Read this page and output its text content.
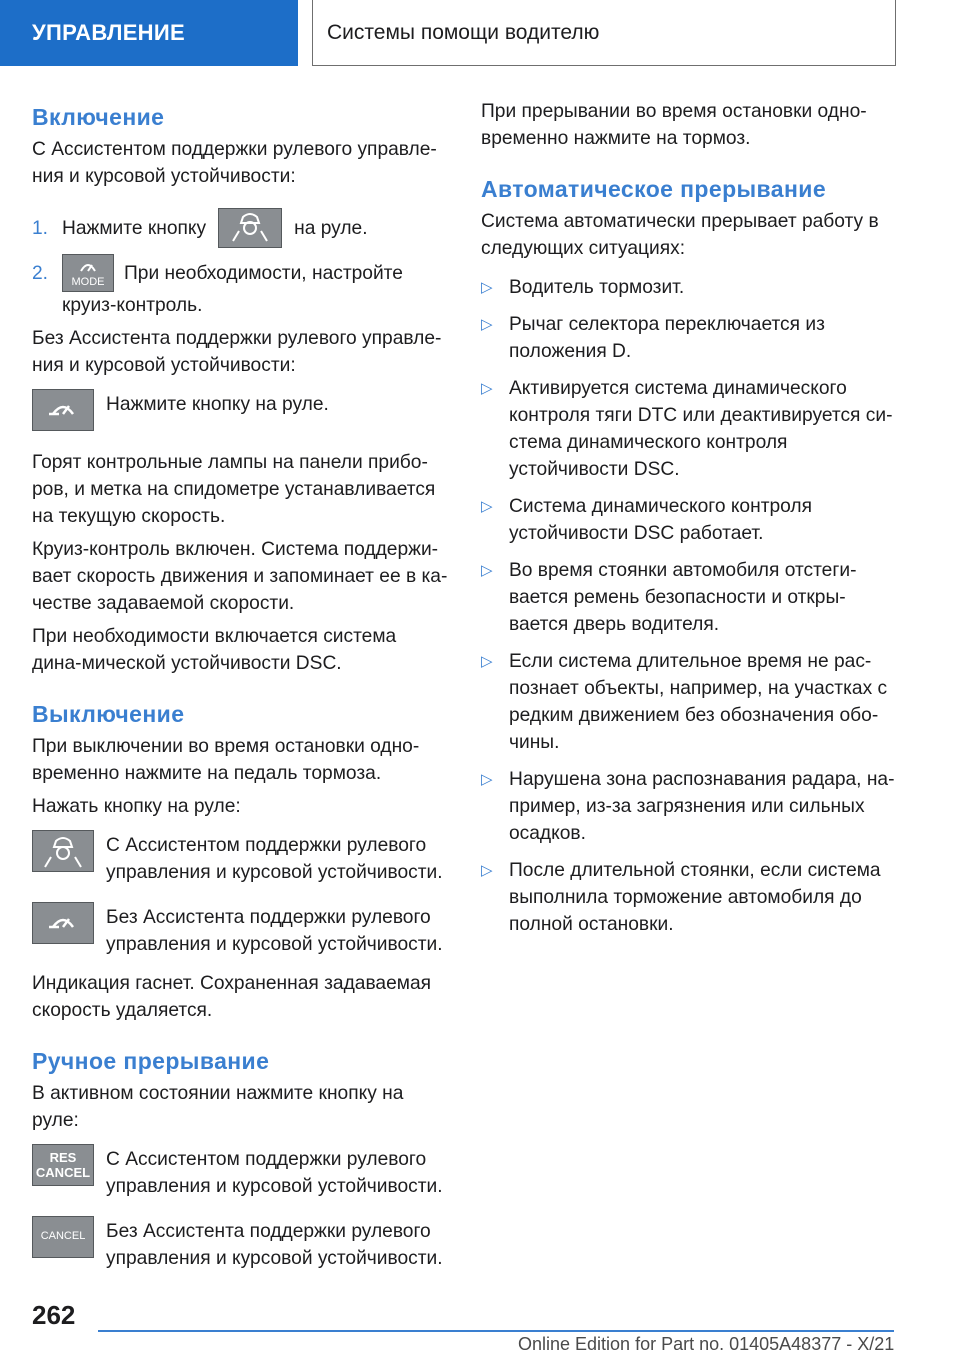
УПРАВЛЕНИЕ	Системы помощи водителю
Включение

С Ассистентом поддержки рулевого управле-ния и курсовой устойчивости:

1. Нажмите кнопку	на руле.
2.	MODE	При необходимости, настройте
круиз-контроль.

Без Ассистента поддержки рулевого управле-ния и курсовой устойчивости:

Нажмите кнопку на руле.

Горят контрольные лампы на панели прибо-ров, и метка на спидометре устанавливается на текущую скорость.

Круиз-контроль включен. Система поддержи-вает скорость движения и запоминает ее в ка-честве задаваемой скорости.

При необходимости включается система дина-мической устойчивости DSC.

Выключение

При выключении во время остановки одно-временно нажмите на педаль тормоза.

Нажать кнопку на руле:

С Ассистентом поддержки рулевого управления и курсовой устойчивости.
Без Ассистента поддержки рулевого управления и курсовой устойчивости.

Индикация гаснет. Сохраненная задаваемая скорость удаляется.

Ручное прерывание

В активном состоянии нажмите кнопку на руле:

RES
CANCEL
С Ассистентом поддержки рулевого управления и курсовой устойчивости.
CANCEL	Без Ассистента поддержки рулевого управления и курсовой устойчивости.

При прерывании во время остановки одно-временно нажмите на тормоз.

Автоматическое прерывание

Система автоматически прерывает работу в следующих ситуациях:

▷ Водитель тормозит.
▷ Рычаг селектора переключается из положения D.
▷ Активируется система динамического контроля тяги DTC или деактивируется си-стема динамического контроля устойчивости DSC.
▷ Система динамического контроля устойчивости DSC работает.
▷ Во время стоянки автомобиля отстеги-вается ремень безопасности и откры-вается дверь водителя.
▷ Если система длительное время не рас-познает объекты, например, на участках с редким движением без обозначения обо-чины.
▷ Нарушена зона распознавания радара, на-пример, из-за загрязнения или сильных осадков.
▷ После длительной стоянки, если система выполнила торможение автомобиля до полной остановки.
262
Online Edition for Part no. 01405A48377 - X/21
